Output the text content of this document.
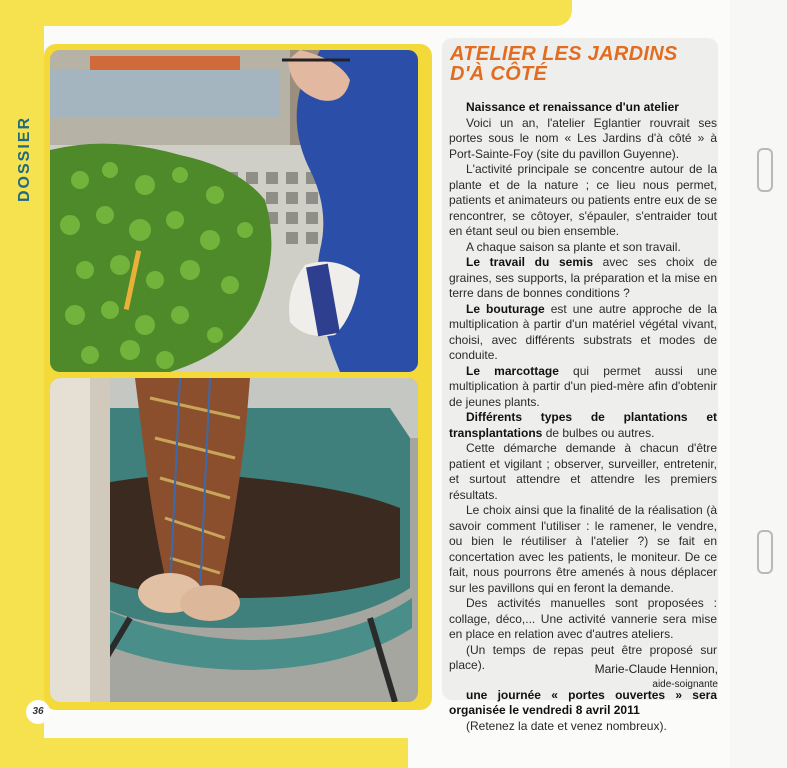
DOSSIER
36
ATELIER LES JARDINS
D'À CÔTÉ

Naissance et renaissance d'un atelier

Voici un an, l'atelier Eglantier rouvrait ses portes sous le nom « Les Jardins d'à côté » à Port-Sainte-Foy (site du pavillon Guyenne).

L'activité principale se concentre autour de la plante et de la nature ; ce lieu nous permet, patients et animateurs ou patients entre eux de se rencontrer, se côtoyer, s'épauler, s'entraider tout en étant seul ou bien ensemble.

A chaque saison sa plante et son travail.

Le travail du semis avec ses choix de graines, ses supports, la préparation et la mise en terre dans de bonnes conditions ?

Le bouturage est une autre approche de la multiplication à partir d'un matériel végétal vivant, choisi, avec différents substrats et modes de conduite.

Le marcottage qui permet aussi une multiplication à partir d'un pied-mère afin d'obtenir de jeunes plants.

Différents types de plantations et transplantations de bulbes ou autres.

Cette démarche demande à chacun d'être patient et vigilant ; observer, surveiller, entretenir, et surtout attendre et attendre les premiers résultats.

Le choix ainsi que la finalité de la réalisation (à savoir comment l'utiliser : le ramener, le vendre, ou bien le réutiliser à l'atelier ?) se fait en concertation avec les patients, le moniteur. De ce fait, nous pourrons être amenés à nous déplacer sur les pavillons qui en feront la demande.

Des activités manuelles sont proposées : collage, déco,... Une activité vannerie sera mise en place en relation avec d'autres ateliers.

(Un temps de repas peut être proposé sur place).

une journée « portes ouvertes » sera organisée le vendredi 8 avril 2011

(Retenez la date et venez nombreux).

Marie-Claude Hennion,
aide-soignante
